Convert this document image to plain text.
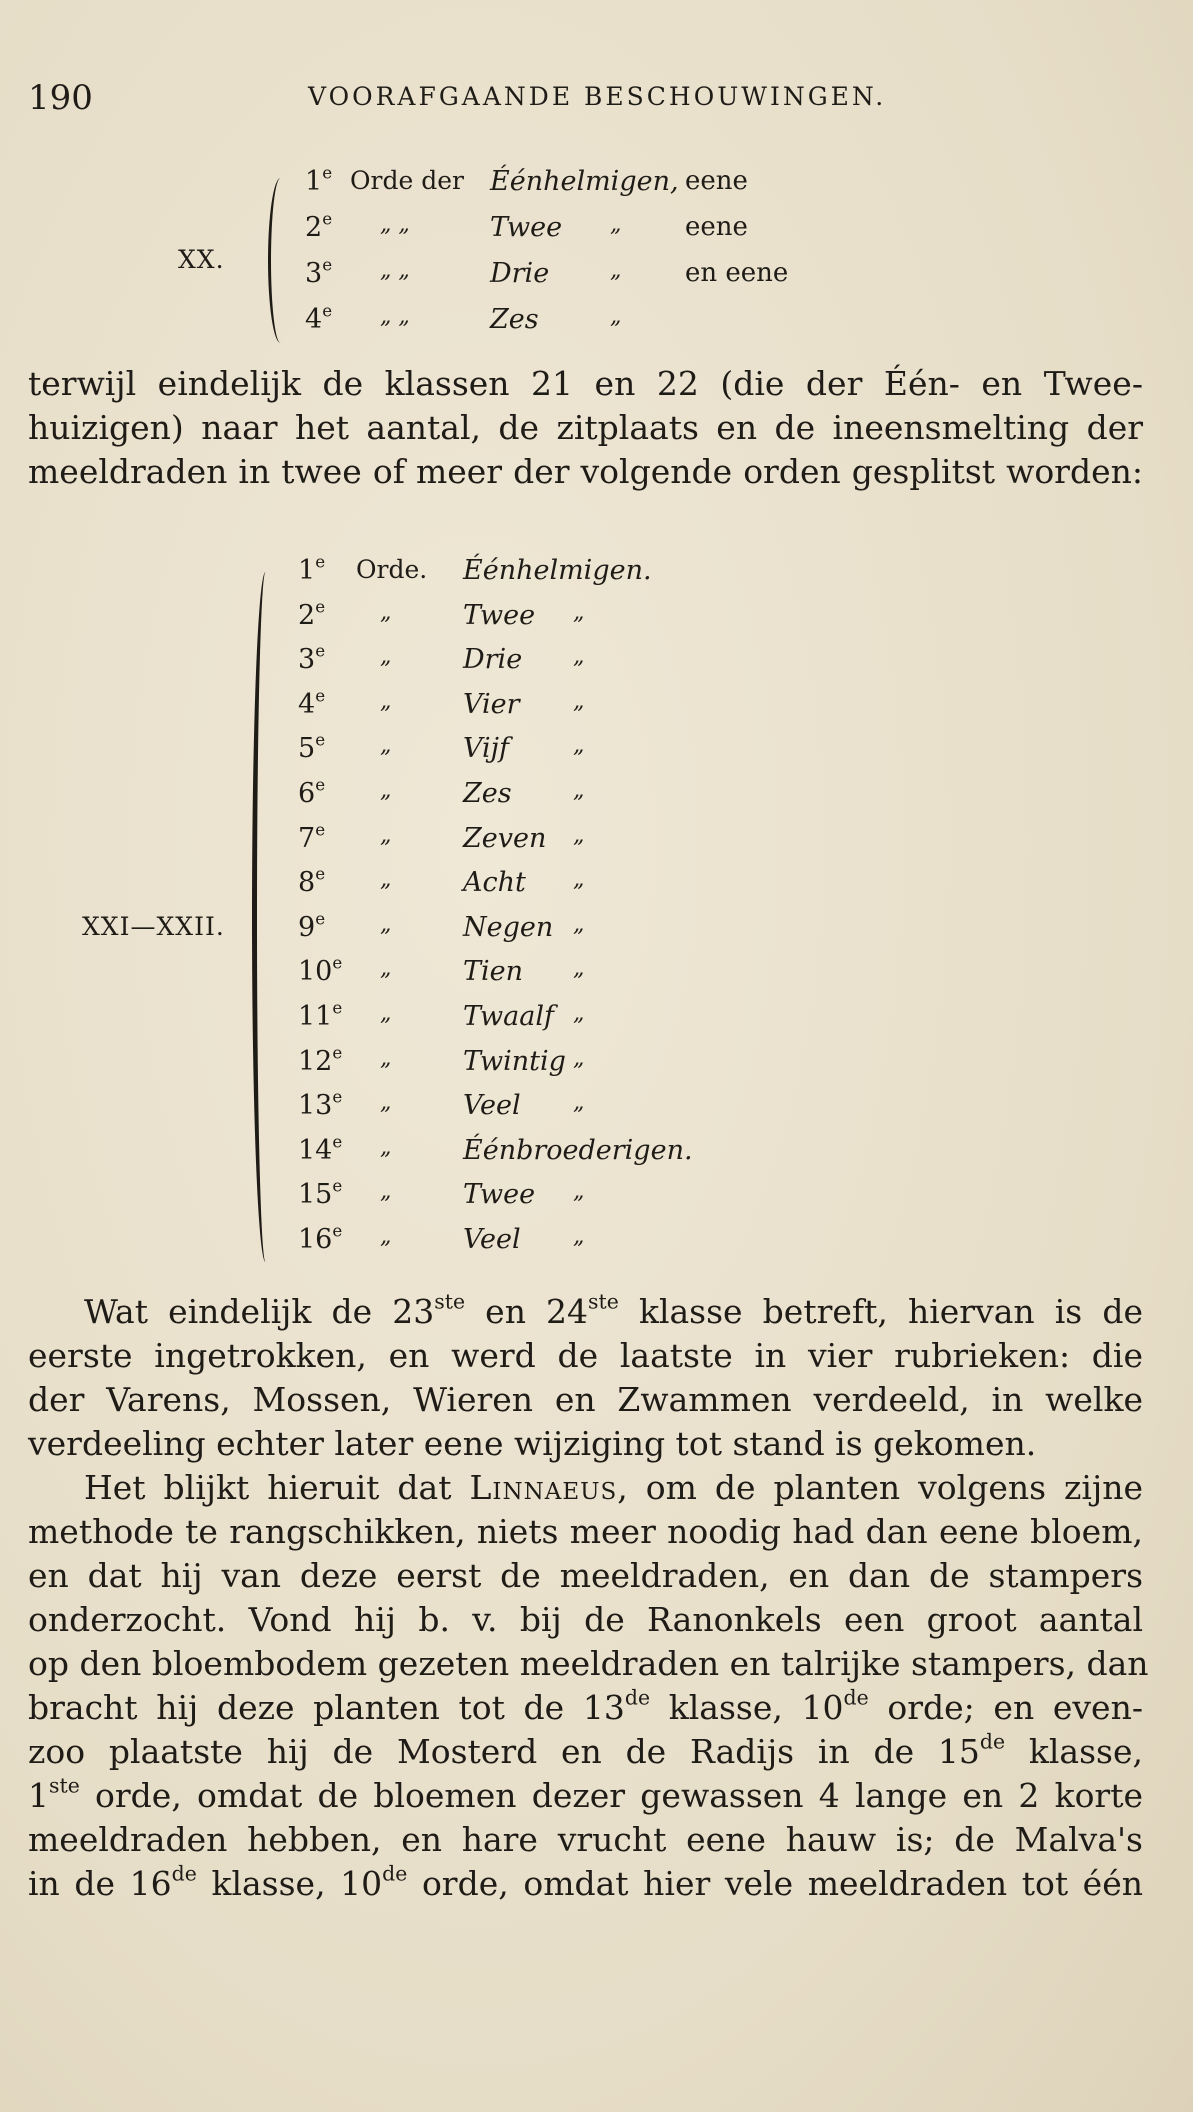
190	VOORAFGAANDE BESCHOUWINGEN.
XX.
1e Orde der Éénhelmigen, eene
2e	„ „	Twee „ eene
3e	„ „	Drie	„ en eene
4e	„ „	Zes	„
terwijl eindelijk de klassen 21 en 22 (die der Één- en Twee-
huizigen) naar het aantal, de zitplaats en de ineensmelting der
meeldraden in twee of meer der volgende orden gesplitst worden:
XXI—XXII.
1e	Orde. Éénhelmigen.
2e	„	Twee „
3e	„	Drie „
4e	„	Vier „
5e	„	Vijf	„
6e	„	Zes	„
7e	„	Zeven „
8e	„	Acht „
9e	„	Negen „
10e	„	Tien „
11e	„	Twaalf „
12e	„	Twintig „
13e	„	Veel „
14e	„	Éénbroederigen.
15e	„	Twee „
16e	„	Veel „
Wat eindelijk de 23ste en 24ste klasse betreft, hiervan is de
eerste ingetrokken, en werd de laatste in vier rubrieken: die
der Varens, Mossen, Wieren en Zwammen verdeeld, in welke
verdeeling echter later eene wijziging tot stand is gekomen.
Het blijkt hieruit dat Linnaeus, om de planten volgens zijne
methode te rangschikken, niets meer noodig had dan eene bloem,
en dat hij van deze eerst de meeldraden, en dan de stampers
onderzocht. Vond hij b. v. bij de Ranonkels een groot aantal
op den bloembodem gezeten meeldraden en talrijke stampers, dan
bracht hij deze planten tot de 13de klasse, 10de orde; en even-
zoo plaatste hij de Mosterd en de Radijs in de 15de klasse,
1ste orde, omdat de bloemen dezer gewassen 4 lange en 2 korte
meeldraden hebben, en hare vrucht eene hauw is; de Malva's
in de 16de klasse, 10de orde, omdat hier vele meeldraden tot één
